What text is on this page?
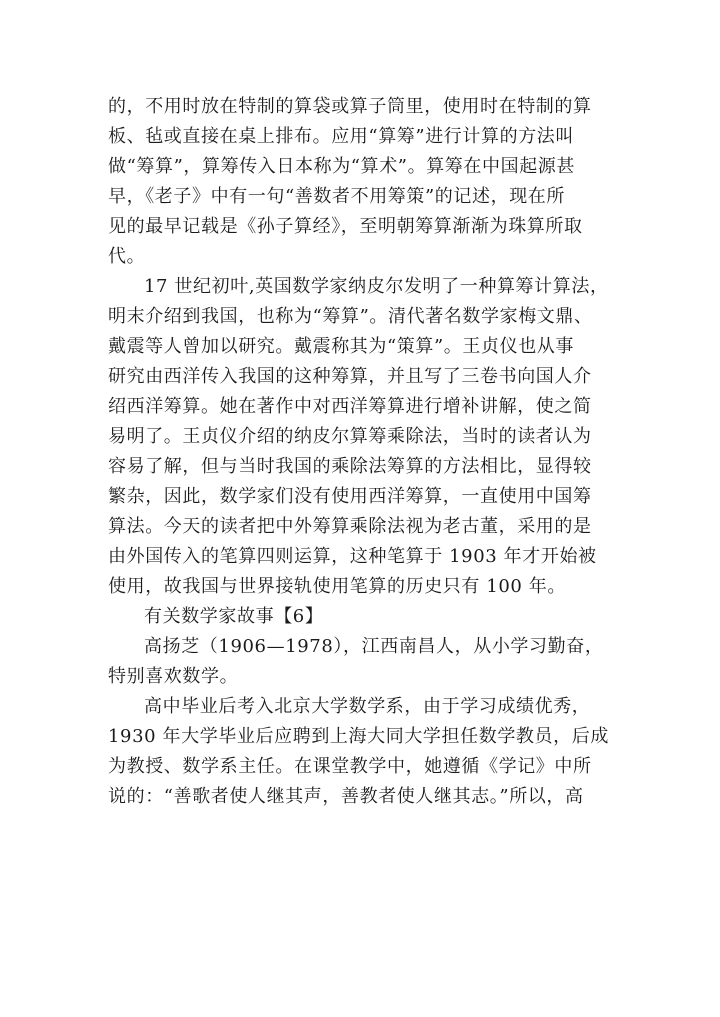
的，不用时放在特制的算袋或算子筒里，使用时在特制的算
板、毡或直接在桌上排布。应用“算筹”进行计算的方法叫
做“筹算”，算筹传入日本称为“算术”。算筹在中国起源甚
早，《老子》中有一句“善数者不用筹策”的记述，现在所
见的最早记载是《孙子算经》，至明朝筹算渐渐为珠算所取
代。

17 世纪初叶,英国数学家纳皮尔发明了一种算筹计算法，
明末介绍到我国，也称为“筹算”。清代著名数学家梅文鼎、
戴震等人曾加以研究。戴震称其为“策算”。王贞仪也从事
研究由西洋传入我国的这种筹算，并且写了三卷书向国人介
绍西洋筹算。她在著作中对西洋筹算进行增补讲解，使之简
易明了。王贞仪介绍的纳皮尔算筹乘除法，当时的读者认为
容易了解，但与当时我国的乘除法筹算的方法相比，显得较
繁杂，因此，数学家们没有使用西洋筹算，一直使用中国筹
算法。今天的读者把中外筹算乘除法视为老古董，采用的是
由外国传入的笔算四则运算，这种笔算于 1903 年才开始被
使用，故我国与世界接轨使用笔算的历史只有 100 年。

有关数学家故事【6】

高扬芝（1906—1978），江西南昌人，从小学习勤奋，
特别喜欢数学。

高中毕业后考入北京大学数学系，由于学习成绩优秀，
1930 年大学毕业后应聘到上海大同大学担任数学教员，后成
为教授、数学系主任。在课堂教学中，她遵循《学记》中所
说的：“善歌者使人继其声，善教者使人继其志。”所以，高
